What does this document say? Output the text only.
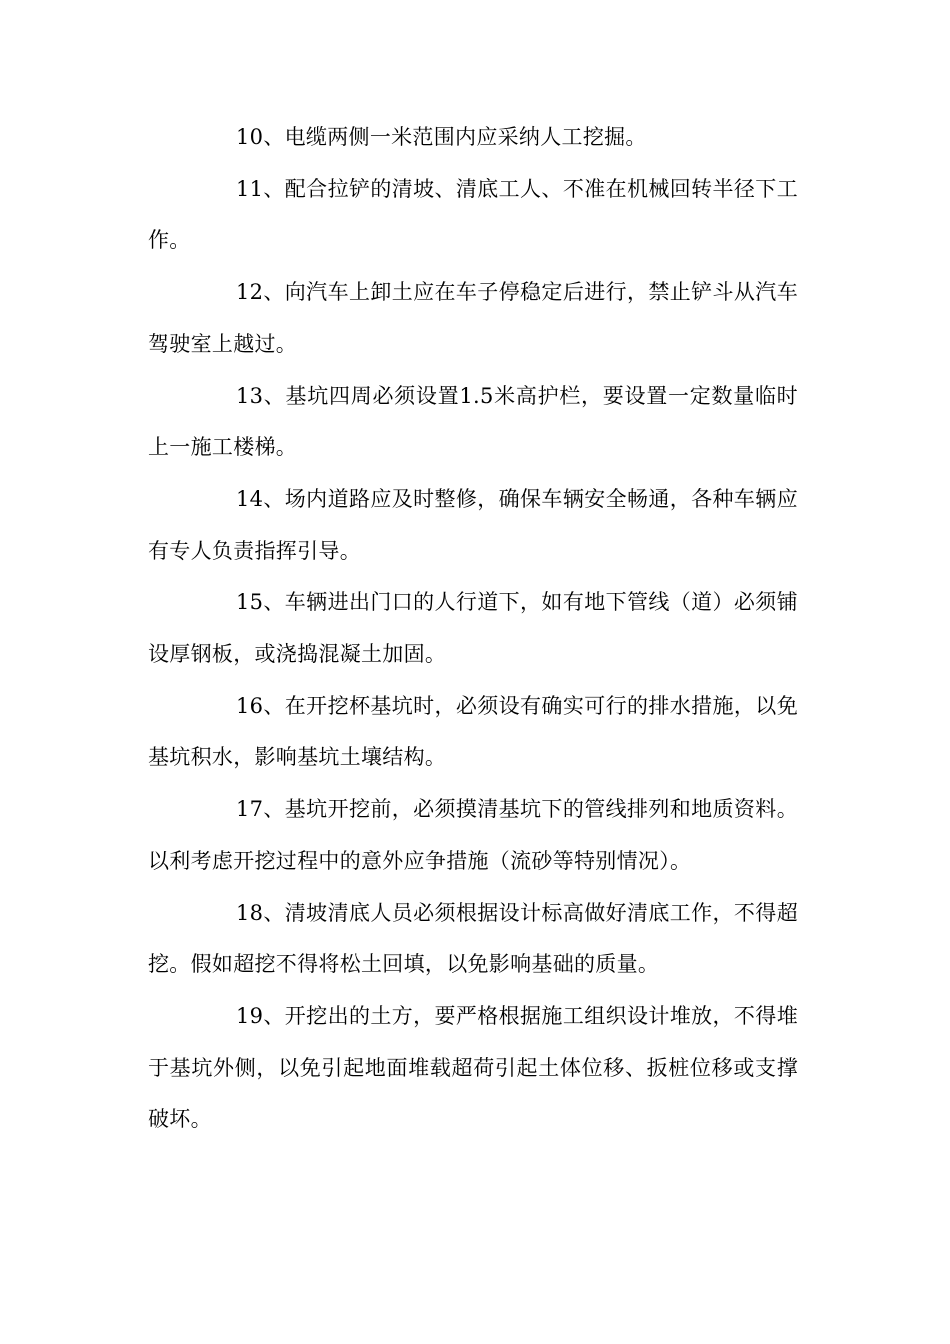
10、电缆两侧一米范围内应采纳人工挖掘。

11、配合拉铲的清坡、清底工人、不准在机械回转半径下工作。

12、向汽车上卸土应在车子停稳定后进行，禁止铲斗从汽车驾驶室上越过。

13、基坑四周必须设置1.5米高护栏，要设置一定数量临时上一施工楼梯。

14、场内道路应及时整修，确保车辆安全畅通，各种车辆应有专人负责指挥引导。

15、车辆进出门口的人行道下，如有地下管线（道）必须铺设厚钢板，或浇捣混凝土加固。

16、在开挖杯基坑时，必须设有确实可行的排水措施，以免基坑积水，影响基坑土壤结构。

17、基坑开挖前，必须摸清基坑下的管线排列和地质资料。以利考虑开挖过程中的意外应争措施（流砂等特别情况）。

18、清坡清底人员必须根据设计标高做好清底工作，不得超挖。假如超挖不得将松土回填，以免影响基础的质量。

19、开挖出的土方，要严格根据施工组织设计堆放，不得堆于基坑外侧，以免引起地面堆载超荷引起土体位移、扳桩位移或支撑破坏。
